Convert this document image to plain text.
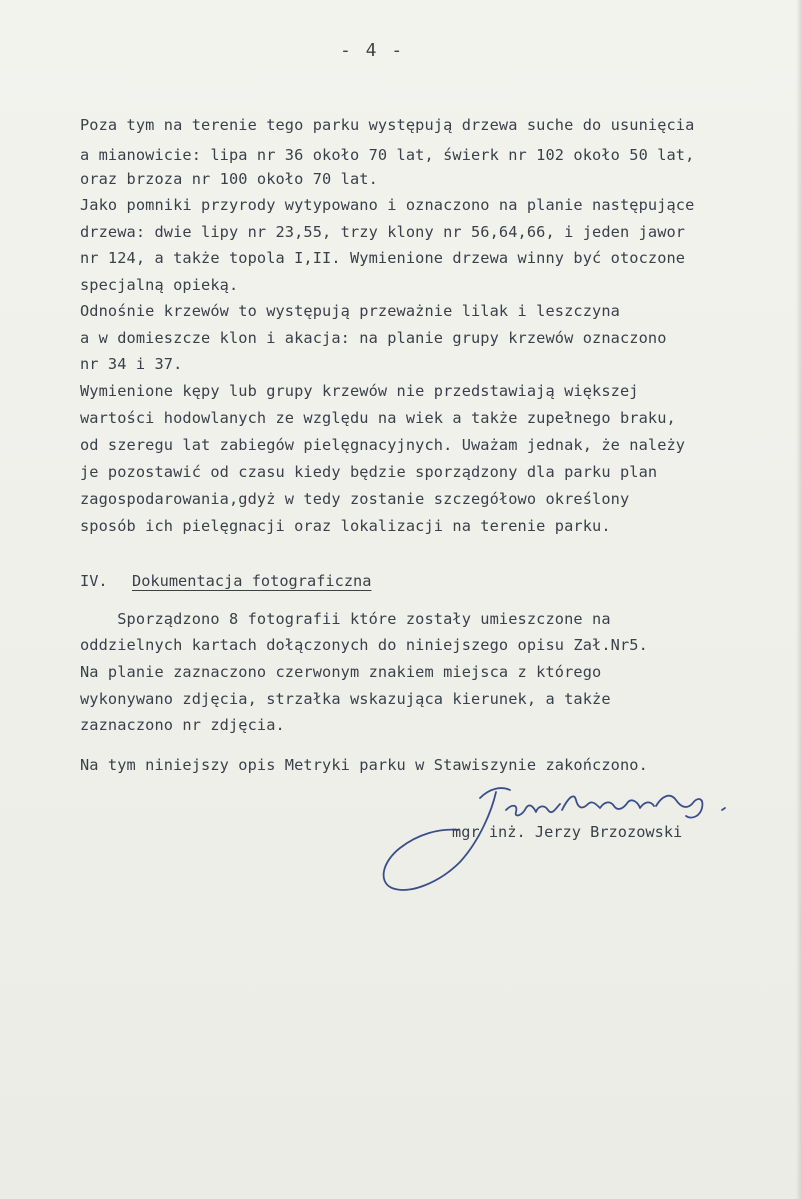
- 4 -
Poza tym na terenie tego parku występują drzewa suche do usunięcia
a mianowicie: lipa nr 36 około 70 lat, świerk nr 102 około 50 lat,
oraz brzoza nr 100 około 70 lat.
Jako pomniki przyrody wytypowano i oznaczono na planie następujące
drzewa: dwie lipy nr 23,55, trzy klony nr 56,64,66, i jeden jawor
nr 124, a także topola I,II. Wymienione drzewa winny być otoczone
specjalną opieką.
Odnośnie krzewów to występują przeważnie lilak i leszczyna
a w domieszcze klon i akacja: na planie grupy krzewów oznaczono
nr 34 i 37.
Wymienione kępy lub grupy krzewów nie przedstawiają większej
wartości hodowlanych ze względu na wiek a także zupełnego braku,
od szeregu lat zabiegów pielęgnacyjnych. Uważam jednak, że należy
je pozostawić od czasu kiedy będzie sporządzony dla parku plan
zagospodarowania,gdyż w tedy zostanie szczegółowo określony
sposób ich pielęgnacji oraz lokalizacji na terenie parku.
IV. Dokumentacja fotograficzna
Sporządzono 8 fotografii które zostały umieszczone na
oddzielnych kartach dołączonych do niniejszego opisu Zał.Nr5.
Na planie zaznaczono czerwonym znakiem miejsca z którego
wykonywano zdjęcia, strzałka wskazująca kierunek, a także
zaznaczono nr zdjęcia.
Na tym niniejszy opis Metryki parku w Stawiszynie zakończono.
mgr inż. Jerzy Brzozowski
